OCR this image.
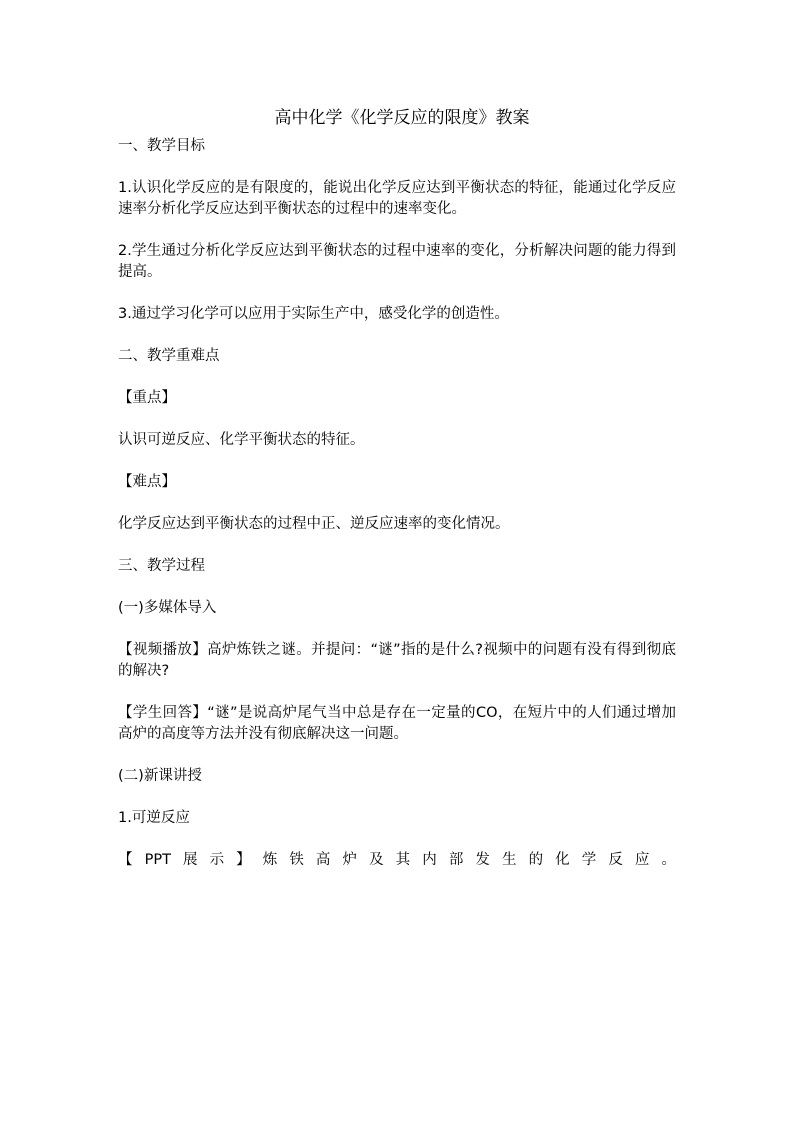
高中化学《化学反应的限度》教案

一、教学目标

1.认识化学反应的是有限度的，能说出化学反应达到平衡状态的特征，能通过化学反应速率分析化学反应达到平衡状态的过程中的速率变化。

2.学生通过分析化学反应达到平衡状态的过程中速率的变化，分析解决问题的能力得到提高。

3.通过学习化学可以应用于实际生产中，感受化学的创造性。

二、教学重难点

【重点】

认识可逆反应、化学平衡状态的特征。

【难点】

化学反应达到平衡状态的过程中正、逆反应速率的变化情况。

三、教学过程

(一)多媒体导入

【视频播放】高炉炼铁之谜。并提问：“谜”指的是什么?视频中的问题有没有得到彻底的解决?

【学生回答】“谜”是说高炉尾气当中总是存在一定量的CO，在短片中的人们通过增加高炉的高度等方法并没有彻底解决这一问题。

(二)新课讲授

1.可逆反应

【PPT展示】炼铁高炉及其内部发生的化学反应。
